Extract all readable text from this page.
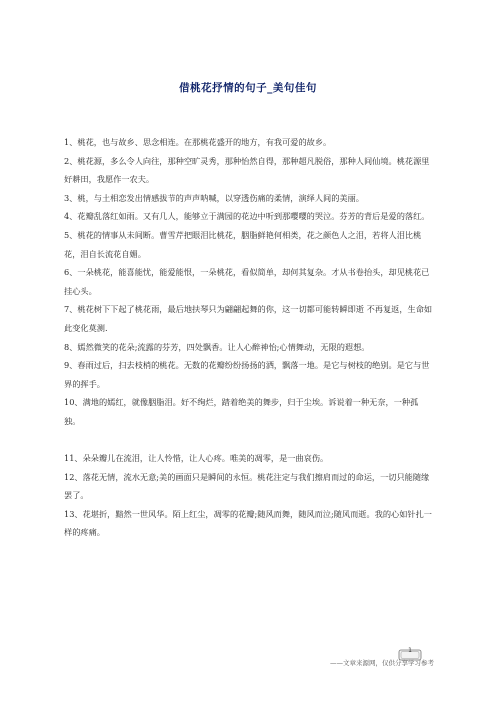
借桃花抒情的句子_美句佳句

1、桃花，也与故乡、思念相连。在那桃花盛开的地方，有我可爱的故乡。

2、桃花源，多么令人向往，那种空旷灵秀，那种怡然自得，那种超凡脱俗，那种人间仙境。桃花源里好耕田，我愿作一农夫。

3、桃，与土相恋发出情感拔节的声声呐喊，以穿透伤痛的柔情，演绎人间的美丽。

4、花瓣乱落红如雨。又有几人，能够立于满园的花边中听到那嘤嘤的哭泣。芬芳的背后是爱的落红。

5、桃花的情事从未间断。曹雪芹把眼泪比桃花，胭脂鲜艳何相类，花之颜色人之泪，若将人泪比桃花，泪自长流花自媚。

6、一朵桃花，能喜能忧，能爱能恨，一朵桃花，看似简单，却何其复杂。才从书卷抬头，却见桃花已挂心头。

7、桃花树下下起了桃花雨，最后地扶琴只为翩翩起舞的你，这一切都可能转瞬即逝 不再复返，生命如此变化莫测.

8、嫣然微笑的花朵;流露的芬芳，四处飘香。让人心醉神怡;心情舞动，无限的遐想。

9、春雨过后，扫去枝梢的桃花。无数的花瓣纷纷扬扬的洒，飘落一地。是它与树枝的绝别。是它与世界的挥手。

10、满地的嫣红，就像胭脂泪。好不绚烂，踏着绝美的舞步，归于尘埃。诉说着一种无奈，一种孤独。

11、朵朵瓣儿在流泪，让人怜惜，让人心疼。唯美的凋零，是一曲哀伤。

12、落花无情，流水无意;美的画面只是瞬间的永恒。桃花注定与我们擦肩而过的命运，一切只能随缘罢了。

13、花堪折，黯然一世风华。陌上红尘，凋零的花瓣;随风而舞，随风而泣;随风而逝。我的心如针扎一样的疼痛。

1
——文章来源网，仅供分享学习参考
